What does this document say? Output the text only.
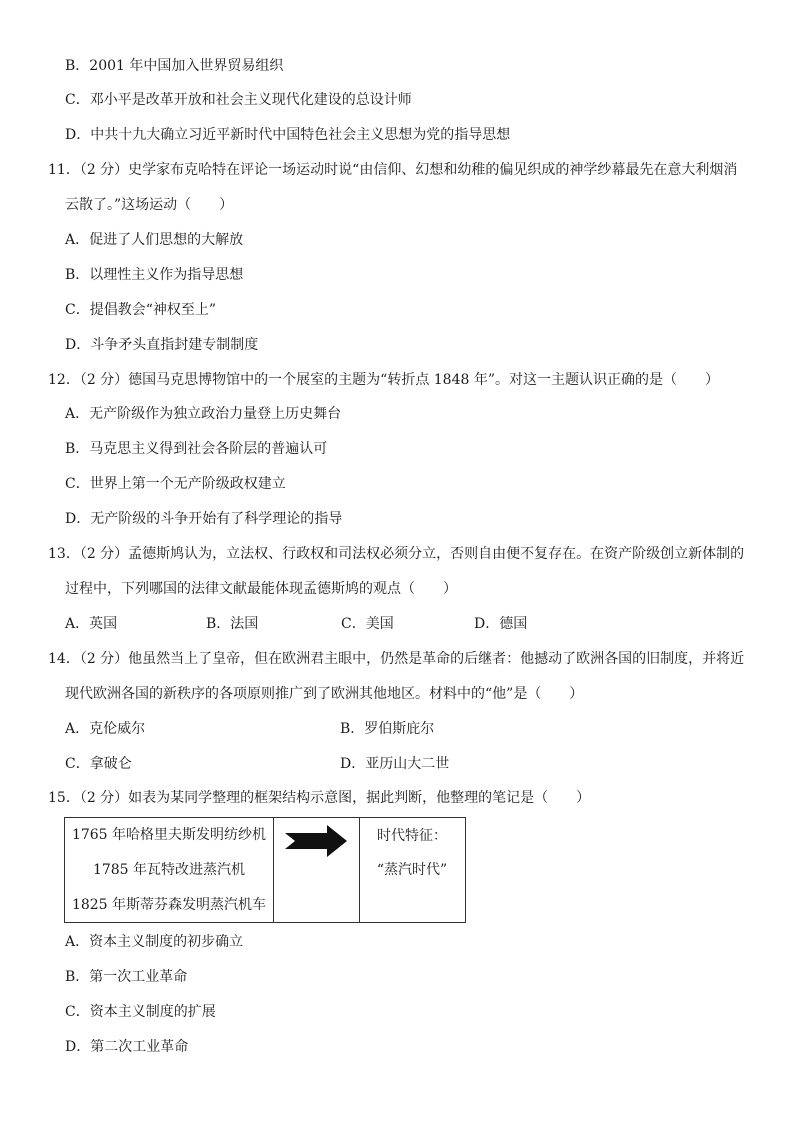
B．2001 年中国加入世界贸易组织
C．邓小平是改革开放和社会主义现代化建设的总设计师
D．中共十九大确立习近平新时代中国特色社会主义思想为党的指导思想
11．（2 分）史学家布克哈特在评论一场运动时说“由信仰、幻想和幼稚的偏见织成的神学纱幕最先在意大利烟消
云散了。”这场运动（　　）
A．促进了人们思想的大解放
B．以理性主义作为指导思想
C．提倡教会“神权至上”
D．斗争矛头直指封建专制制度
12．（2 分）德国马克思博物馆中的一个展室的主题为“转折点 1848 年”。对这一主题认识正确的是（　　）
A．无产阶级作为独立政治力量登上历史舞台
B．马克思主义得到社会各阶层的普遍认可
C．世界上第一个无产阶级政权建立
D．无产阶级的斗争开始有了科学理论的指导
13．（2 分）孟德斯鸠认为，立法权、行政权和司法权必须分立，否则自由便不复存在。在资产阶级创立新体制的
过程中，下列哪国的法律文献最能体现孟德斯鸠的观点（　　）
A．英国	B．法国	C．美国	D．德国
14．（2 分）他虽然当上了皇帝，但在欧洲君主眼中，仍然是革命的后继者：他撼动了欧洲各国的旧制度，并将近
现代欧洲各国的新秩序的各项原则推广到了欧洲其他地区。材料中的“他”是（　　）
A．克伦威尔	B．罗伯斯庇尔
C．拿破仑	D．亚历山大二世
15．（2 分）如表为某同学整理的框架结构示意图，据此判断，他整理的笔记是（　　）
1765 年哈格里夫斯发明纺纱机
1785 年瓦特改进蒸汽机
1825 年斯蒂芬森发明蒸汽机车
时代特征：
“蒸汽时代”
A．资本主义制度的初步确立
B．第一次工业革命
C．资本主义制度的扩展
D．第二次工业革命
